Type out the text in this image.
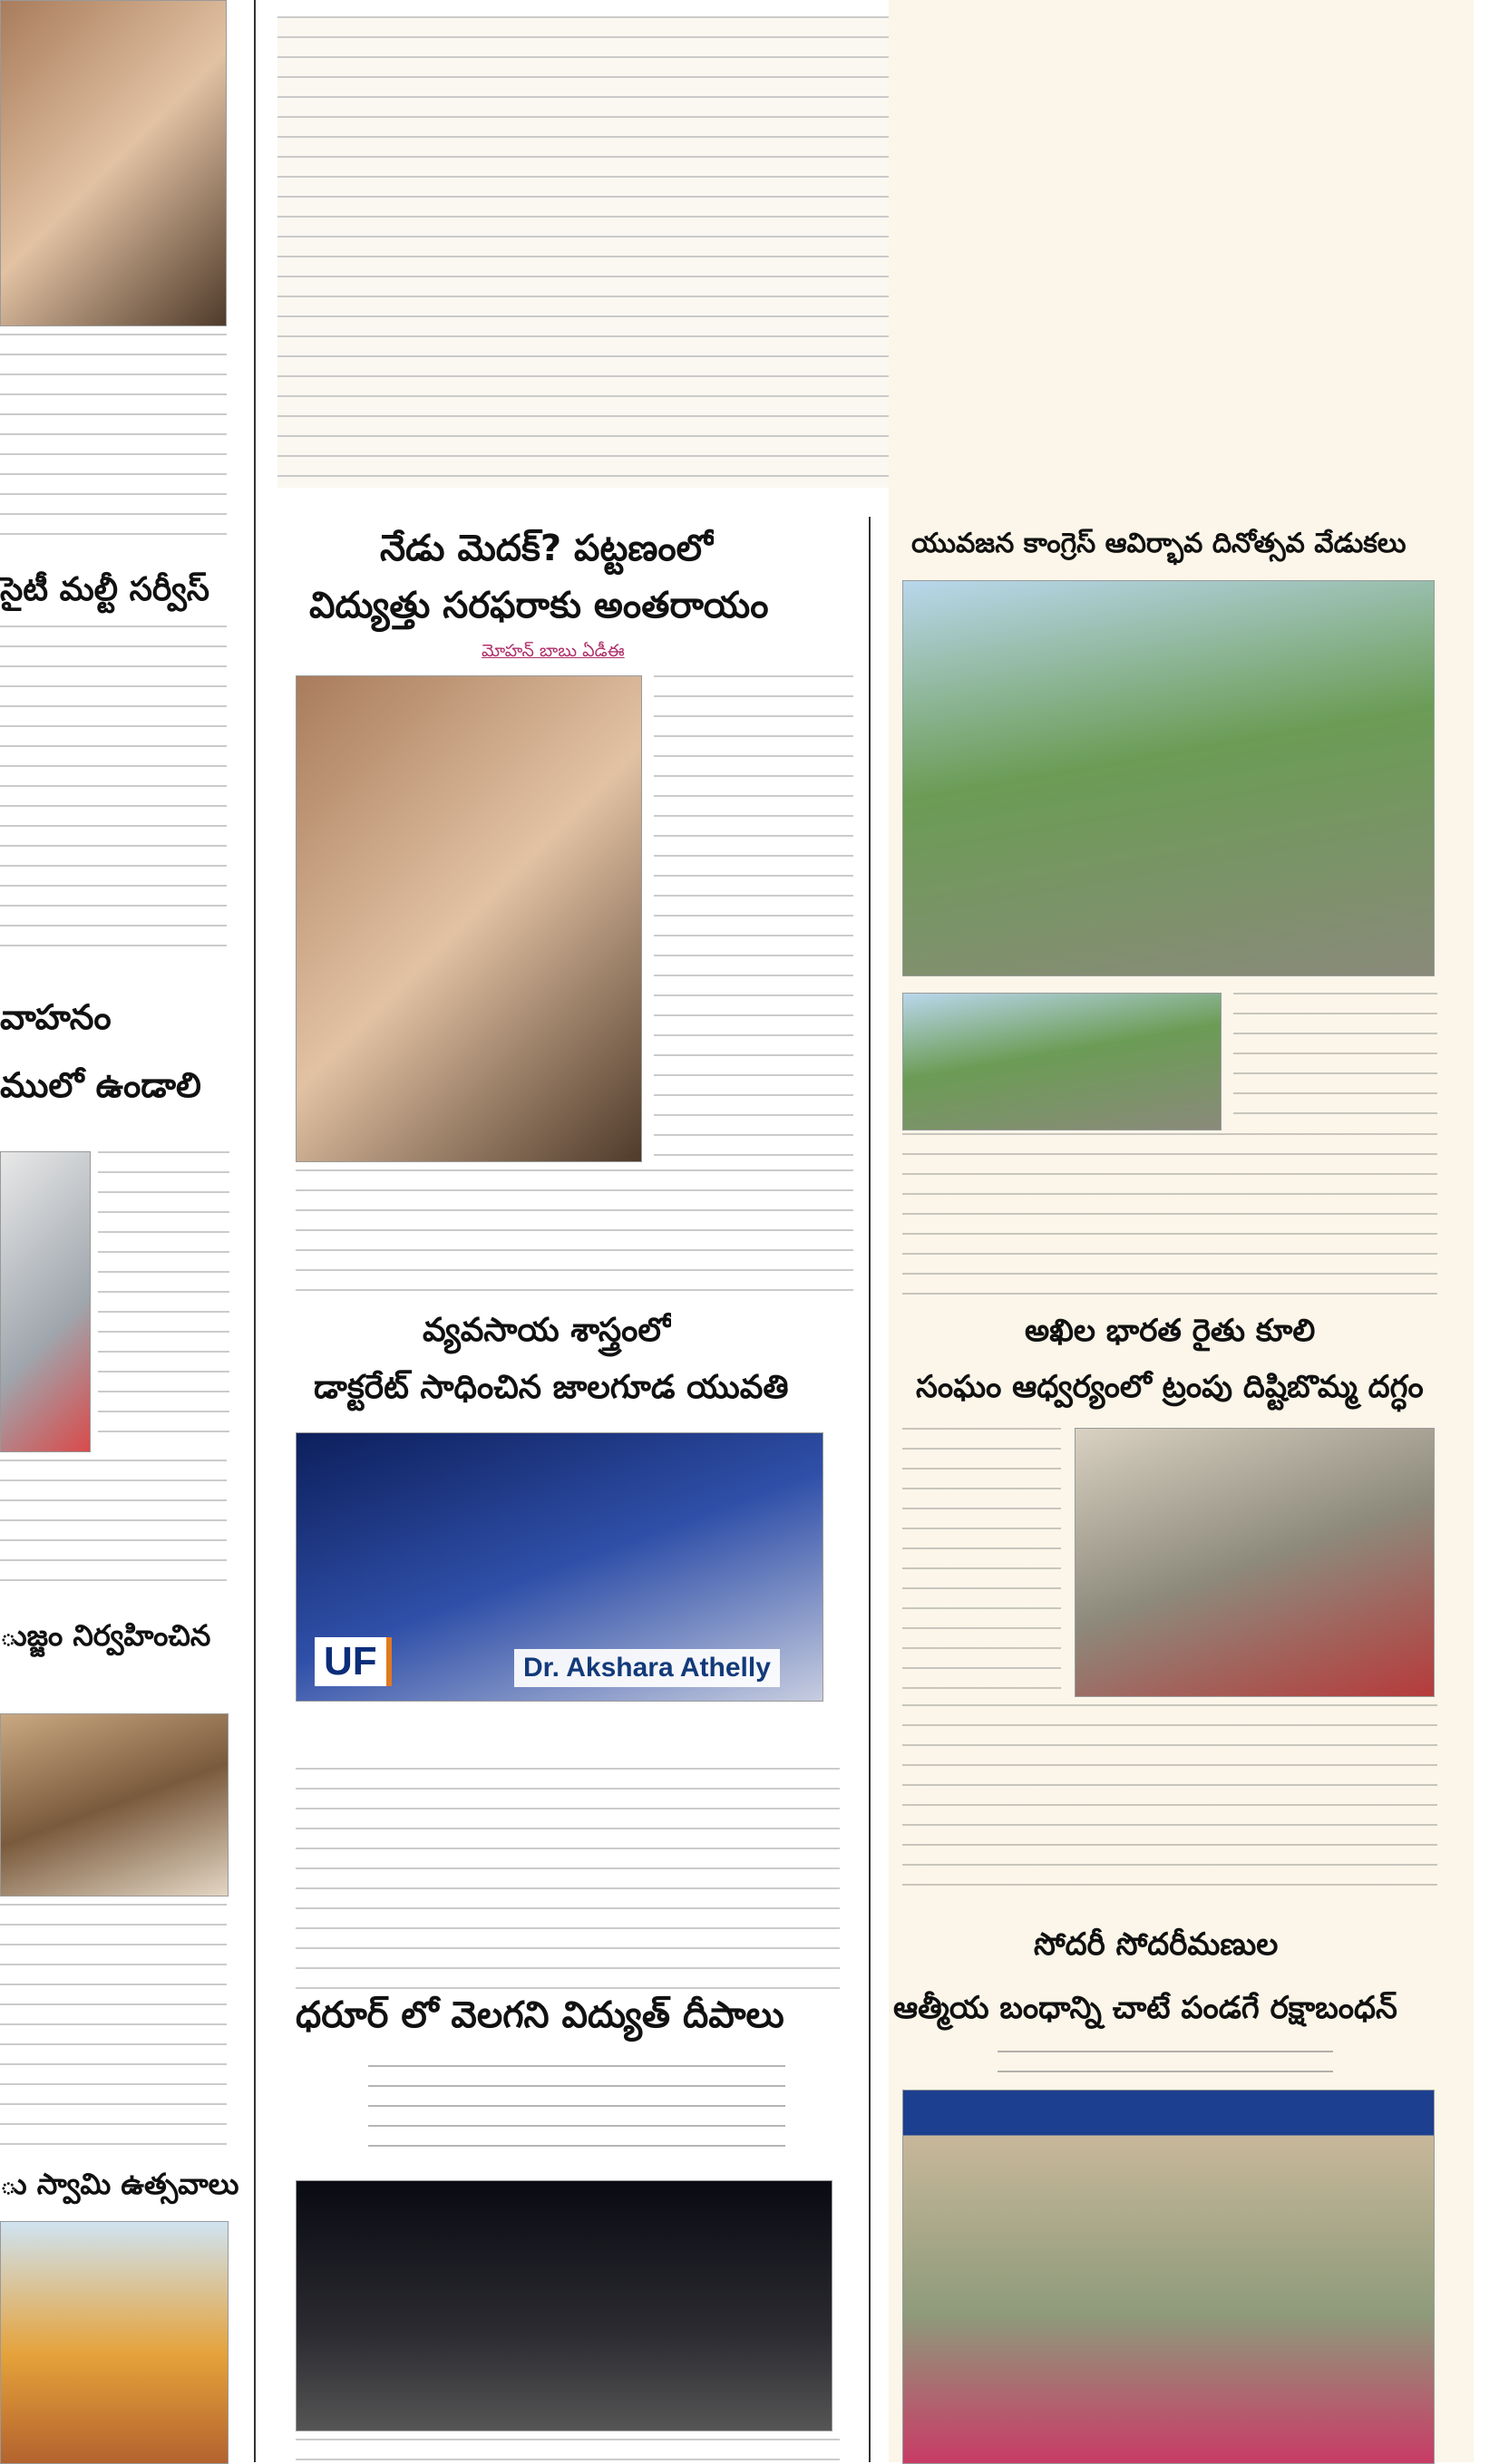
సైటీ మల్టీ సర్వీస్
వాహనం
ములో ఉండాలి
ుజ్జం నిర్వహించిన
ు స్వామి ఉత్సవాలు
నేడు మెదక్? పట్టణంలో
విద్యుత్తు సరఫరాకు అంతరాయం
మోహన్ బాబు ఏడీఈ
వ్యవసాయ శాస్త్రంలో
డాక్టరేట్ సాధించిన జాలగూడ యువతి
UF	Dr. Akshara Athelly
ధరూర్ లో వెలగని విద్యుత్ దీపాలు
యువజన కాంగ్రెస్ ఆవిర్భావ దినోత్సవ వేడుకలు
అఖిల భారత రైతు కూలి
సంఘం ఆధ్వర్యంలో ట్రంపు దిష్టిబొమ్మ దగ్ధం
సోదరీ సోదరీమణుల
ఆత్మీయ బంధాన్ని చాటే పండగే రక్షాబంధన్
